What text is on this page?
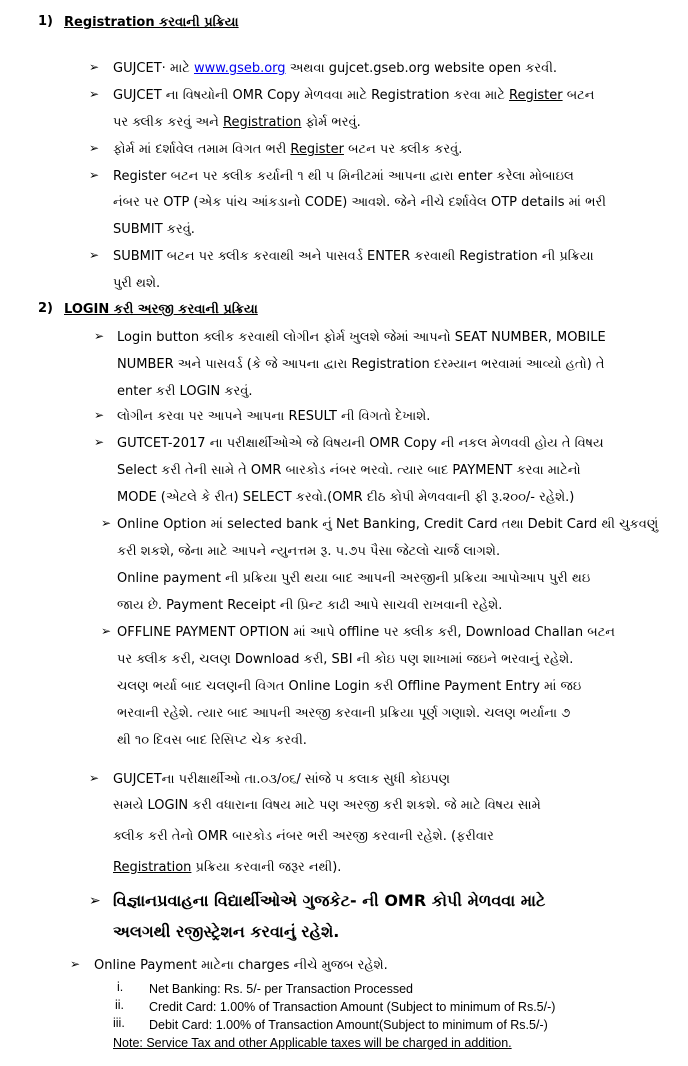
1) Registration કરવાની પ્રક્રિયા
➢ GUJCET· માટે www.gseb.org અથવા gujcet.gseb.org website open કરવી.
➢ GUJCET ના વિષયોની OMR Copy મેળવવા માટે Registration કરવા માટે Register બટન
પર ક્લીક કરવું અને Registration ફોર્મ ભરવું.
➢ ફોર્મ માં દર્શાવેલ તમામ વિગત ભરી Register બટન પર ક્લીક કરવું.
➢ Register બટન પર ક્લીક કર્યાની ૧ થી ૫ મિનીટમાં આપના દ્વારા enter કરેલા મોબાઇલ
નંબર પર OTP (એક પાંચ આંકડાનો CODE) આવશે. જેને નીચે દર્શાવેલ OTP details માં ભરી
SUBMIT કરવું.
➢ SUBMIT બટન પર ક્લીક કરવાથી અને પાસવર્ડ ENTER કરવાથી Registration ની પ્રક્રિયા
પુરી થશે.
2) LOGIN કરી અરજી કરવાની પ્રક્રિયા
➢ Login button ક્લીક કરવાથી લોગીન ફોર્મ ખુલશે જેમાં આપનો SEAT NUMBER, MOBILE
NUMBER અને પાસવર્ડ (કે જે આપના દ્વારા Registration દરમ્યાન ભરવામાં આવ્યો હતો) તે
enter કરી LOGIN કરવું.
➢ લોગીન કરવા પર આપને આપના RESULT ની વિગતો દેખાશે.
➢ GUTCET-2017 ના પરીક્ષાર્થીઓએ જે વિષયની OMR Copy ની નકલ મેળવવી હોય તે વિષય
Select કરી તેની સામે તે OMR બારકોડ નંબર ભરવો. ત્યાર બાદ PAYMENT કરવા માટેનો
MODE (એટલે કે રીત) SELECT કરવો.(OMR દીઠ કોપી મેળવવાની ફી રૂ.૨૦૦/- રહેશે.)
➢ Online Option માં selected bank નું Net Banking, Credit Card તથા Debit Card થી ચુકવણું
કરી શકશે, જેના માટે આપને ન્યુનત્તમ રૂ. ૫.૭૫ પૈસા જેટલો ચાર્જ લાગશે.
Online payment ની પ્રક્રિયા પુરી થયા બાદ આપની અરજીની પ્રક્રિયા આપોઆપ પુરી થઇ
જાય છે. Payment Receipt ની પ્રિન્ટ કાઢી આપે સાચવી રાખવાની રહેશે.
➢ OFFLINE PAYMENT OPTION માં આપે offline પર ક્લીક કરી, Download Challan બટન
પર ક્લીક કરી, ચલણ Download કરી, SBI ની કોઇ પણ શાખામાં જઇને ભરવાનું રહેશે.
ચલણ ભર્યા બાદ ચલણની વિગત Online Login કરી Offline Payment Entry માં જઇ
ભરવાની રહેશે. ત્યાર બાદ આપની અરજી કરવાની પ્રક્રિયા પૂર્ણ ગણાશે. ચલણ ભર્યાના ૭
થી ૧૦ દિવસ બાદ રિસિપ્ટ ચેક કરવી.
➢ GUJCETના પરીક્ષાર્થીઓ તા.૦૩/૦૬/ સાંજે ૫ કલાક સુધી કોઇપણ
સમયે LOGIN કરી વધારાના વિષય માટે પણ અરજી કરી શકશે. જે માટે વિષય સામે
ક્લીક કરી તેનો OMR બારકોડ નંબર ભરી અરજી કરવાની રહેશે. (ફરીવાર
Registration પ્રક્રિયા કરવાની જરૂર નથી).
➢ વિજ્ઞાનપ્રવાહના વિદ્યાર્થીઓએ ગુજકેટ- ની OMR કોપી મેળવવા માટે
અલગથી રજીસ્ટ્રેશન કરવાનું રહેશે.
➢ Online Payment માટેના charges નીચે મુજબ રહેશે.
i. Net Banking: Rs. 5/- per Transaction Processed
ii. Credit Card: 1.00% of Transaction Amount (Subject to minimum of Rs.5/-)
iii. Debit Card: 1.00% of Transaction Amount(Subject to minimum of Rs.5/-)
Note: Service Tax and other Applicable taxes will be charged in addition.
